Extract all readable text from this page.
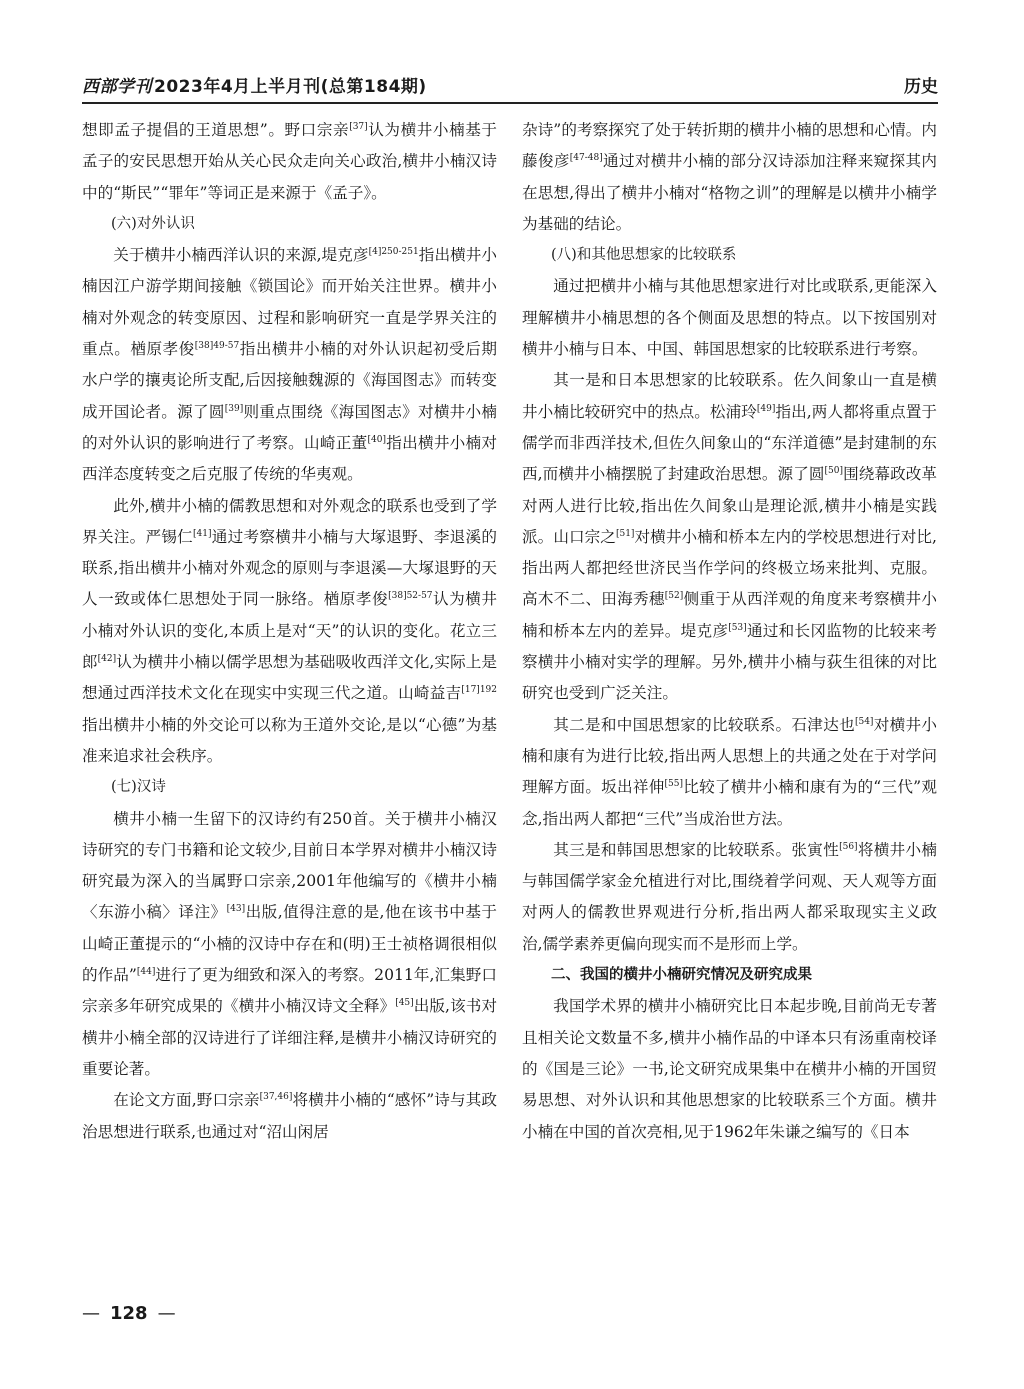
西部学刊 2023年4月上半月刊(总第184期)	历史

想即孟子提倡的王道思想”。野口宗亲[37]认为横井小楠基于孟子的安民思想开始从关心民众走向关心政治,横井小楠汉诗中的“斯民”“罪年”等词正是来源于《孟子》。

(六)对外认识

关于横井小楠西洋认识的来源,堤克彦$^{[4]250-251}$指出横井小楠因江户游学期间接触《锁国论》而开始关注世界。横井小楠对外观念的转变原因、过程和影响研究一直是学界关注的重点。楢原孝俊$^{[38]49-57}$指出横井小楠的对外认识起初受后期水户学的攘夷论所支配,后因接触魏源的《海国图志》而转变成开国论者。源了圆[39]则重点围绕《海国图志》对横井小楠的对外认识的影响进行了考察。山崎正董[40]指出横井小楠对西洋态度转变之后克服了传统的华夷观。

此外,横井小楠的儒教思想和对外观念的联系也受到了学界关注。严锡仁[41]通过考察横井小楠与大塚退野、李退溪的联系,指出横井小楠对外观念的原则与李退溪—大塚退野的天人一致或体仁思想处于同一脉络。楢原孝俊$^{[38]52-57}$认为横井小楠对外认识的变化,本质上是对“天”的认识的变化。花立三郎[42]认为横井小楠以儒学思想为基础吸收西洋文化,实际上是想通过西洋技术文化在现实中实现三代之道。山崎益吉$^{[17]192}$指出横井小楠的外交论可以称为王道外交论,是以“心德”为基准来追求社会秩序。

(七)汉诗

横井小楠一生留下的汉诗约有250首。关于横井小楠汉诗研究的专门书籍和论文较少,目前日本学界对横井小楠汉诗研究最为深入的当属野口宗亲,2001年他编写的《横井小楠〈东游小稿〉译注》[43]出版,值得注意的是,他在该书中基于山崎正董提示的“小楠的汉诗中存在和(明)王士祯格调很相似的作品”[44]进行了更为细致和深入的考察。2011年,汇集野口宗亲多年研究成果的《横井小楠汉诗文全释》[45]出版,该书对横井小楠全部的汉诗进行了详细注释,是横井小楠汉诗研究的重要论著。

在论文方面,野口宗亲[37,46]将横井小楠的“感怀”诗与其政治思想进行联系,也通过对“沼山闲居

杂诗”的考察探究了处于转折期的横井小楠的思想和心情。内藤俊彦[47-48]通过对横井小楠的部分汉诗添加注释来窥探其内在思想,得出了横井小楠对“格物之训”的理解是以横井小楠学为基础的结论。

(八)和其他思想家的比较联系

通过把横井小楠与其他思想家进行对比或联系,更能深入理解横井小楠思想的各个侧面及思想的特点。以下按国别对横井小楠与日本、中国、韩国思想家的比较联系进行考察。

其一是和日本思想家的比较联系。佐久间象山一直是横井小楠比较研究中的热点。松浦玲[49]指出,两人都将重点置于儒学而非西洋技术,但佐久间象山的“东洋道德”是封建制的东西,而横井小楠摆脱了封建政治思想。源了圆[50]围绕幕政改革对两人进行比较,指出佐久间象山是理论派,横井小楠是实践派。山口宗之[51]对横井小楠和桥本左内的学校思想进行对比,指出两人都把经世济民当作学问的终极立场来批判、克服。高木不二、田海秀穗[52]侧重于从西洋观的角度来考察横井小楠和桥本左内的差异。堤克彦[53]通过和长冈监物的比较来考察横井小楠对实学的理解。另外,横井小楠与荻生徂徕的对比研究也受到广泛关注。

其二是和中国思想家的比较联系。石津达也[54]对横井小楠和康有为进行比较,指出两人思想上的共通之处在于对学问理解方面。坂出祥伸[55]比较了横井小楠和康有为的“三代”观念,指出两人都把“三代”当成治世方法。

其三是和韩国思想家的比较联系。张寅性[56]将横井小楠与韩国儒学家金允植进行对比,围绕着学问观、天人观等方面对两人的儒教世界观进行分析,指出两人都采取现实主义政治,儒学素养更偏向现实而不是形而上学。

二、我国的横井小楠研究情况及研究成果

我国学术界的横井小楠研究比日本起步晚,目前尚无专著且相关论文数量不多,横井小楠作品的中译本只有汤重南校译的《国是三论》一书,论文研究成果集中在横井小楠的开国贸易思想、对外认识和其他思想家的比较联系三个方面。横井小楠在中国的首次亮相,见于1962年朱谦之编写的《日本

— 128 —
